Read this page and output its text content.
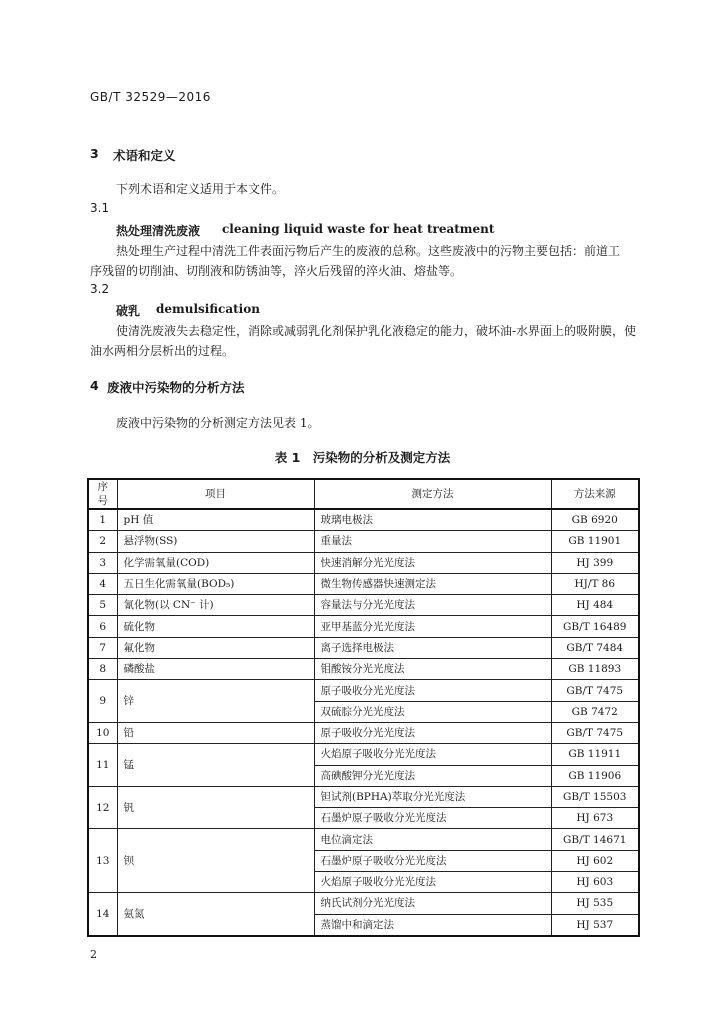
GB/T 32529—2016
3 术语和定义
下列术语和定义适用于本文件。
3.1
热处理清洗废液 cleaning liquid waste for heat treatment
热处理生产过程中清洗工件表面污物后产生的废液的总称。这些废液中的污物主要包括：前道工
序残留的切削油、切削液和防锈油等，淬火后残留的淬火油、熔盐等。
3.2
破乳 demulsification
使清洗废液失去稳定性，消除或减弱乳化剂保护乳化液稳定的能力，破坏油-水界面上的吸附膜，使
油水两相分层析出的过程。
4 废液中污染物的分析方法
废液中污染物的分析测定方法见表 1。
表 1　污染物的分析及测定方法
序号	项目	测定方法	方法来源
1	pH 值	玻璃电极法	GB 6920
2	悬浮物(SS)	重量法	GB 11901
3	化学需氧量(COD)	快速消解分光光度法	HJ 399
4	五日生化需氧量(BOD₅)	微生物传感器快速测定法	HJ/T 86
5	氰化物(以 CN⁻ 计)	容量法与分光光度法	HJ 484
6	硫化物	亚甲基蓝分光光度法	GB/T 16489
7	氟化物	离子选择电极法	GB/T 7484
8	磷酸盐	钼酸铵分光光度法	GB 11893
9	锌	原子吸收分光光度法	GB/T 7475
		双硫腙分光光度法	GB 7472
10	铅	原子吸收分光光度法	GB/T 7475
11	锰	火焰原子吸收分光光度法	GB 11911
		高碘酸钾分光光度法	GB 11906
12	钒	钽试剂(BPHA)萃取分光光度法	GB/T 15503
		石墨炉原子吸收分光光度法	HJ 673
13	钡	电位滴定法	GB/T 14671
		石墨炉原子吸收分光光度法	HJ 602
		火焰原子吸收分光光度法	HJ 603
14	氨氮	纳氏试剂分光光度法	HJ 535
		蒸馏中和滴定法	HJ 537
2
